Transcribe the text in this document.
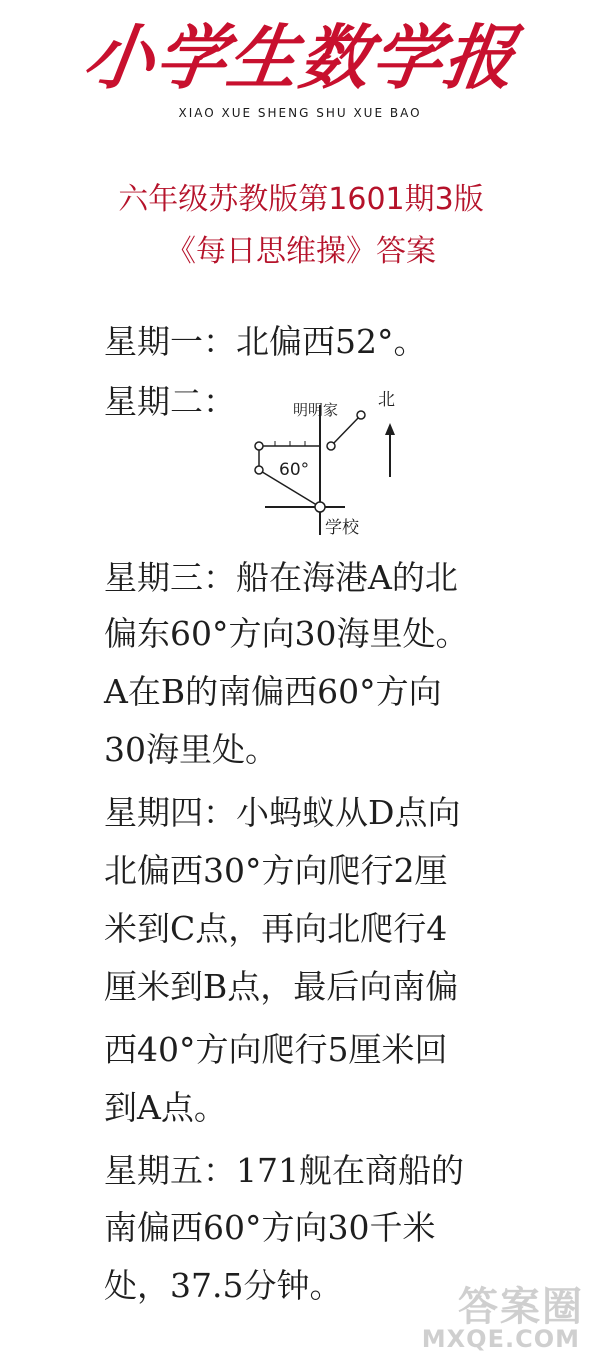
小学生数学报
XIAO XUE SHENG SHU XUE BAO
六年级苏教版第1601期3版
《每日思维操》答案
星期一：北偏西52°。
星期二：	明明家 北
60°
学校
星期三：船在海港A的北
偏东60°方向30海里处。
A在B的南偏西60°方向
30海里处。
星期四：小蚂蚁从D点向
北偏西30°方向爬行2厘
米到C点，再向北爬行4
厘米到B点，最后向南偏
西40°方向爬行5厘米回
到A点。
星期五：171舰在商船的
南偏西60°方向30千米
处，37.5分钟。	答案圈
MXQE.COM
